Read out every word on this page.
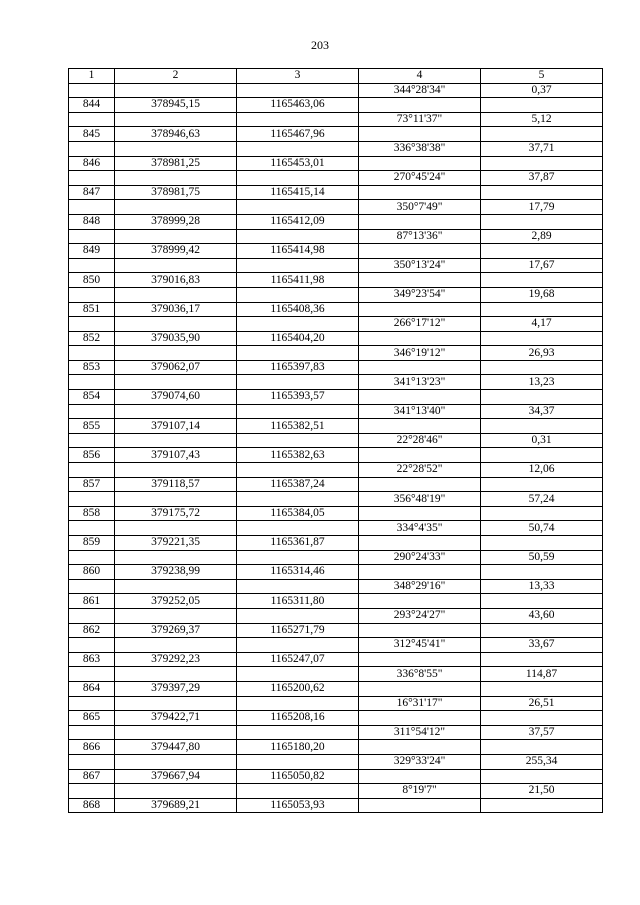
203
1	2	3	4	5
			344°28'34"	0,37
844	378945,15	1165463,06		
			73°11'37"	5,12
845	378946,63	1165467,96		
			336°38'38"	37,71
846	378981,25	1165453,01		
			270°45'24"	37,87
847	378981,75	1165415,14		
			350°7'49"	17,79
848	378999,28	1165412,09		
			87°13'36"	2,89
849	378999,42	1165414,98		
			350°13'24"	17,67
850	379016,83	1165411,98		
			349°23'54"	19,68
851	379036,17	1165408,36		
			266°17'12"	4,17
852	379035,90	1165404,20		
			346°19'12"	26,93
853	379062,07	1165397,83		
			341°13'23"	13,23
854	379074,60	1165393,57		
			341°13'40"	34,37
855	379107,14	1165382,51		
			22°28'46"	0,31
856	379107,43	1165382,63		
			22°28'52"	12,06
857	379118,57	1165387,24		
			356°48'19"	57,24
858	379175,72	1165384,05		
			334°4'35"	50,74
859	379221,35	1165361,87		
			290°24'33"	50,59
860	379238,99	1165314,46		
			348°29'16"	13,33
861	379252,05	1165311,80		
			293°24'27"	43,60
862	379269,37	1165271,79		
			312°45'41"	33,67
863	379292,23	1165247,07		
			336°8'55"	114,87
864	379397,29	1165200,62		
			16°31'17"	26,51
865	379422,71	1165208,16		
			311°54'12"	37,57
866	379447,80	1165180,20		
			329°33'24"	255,34
867	379667,94	1165050,82		
			8°19'7"	21,50
868	379689,21	1165053,93		
